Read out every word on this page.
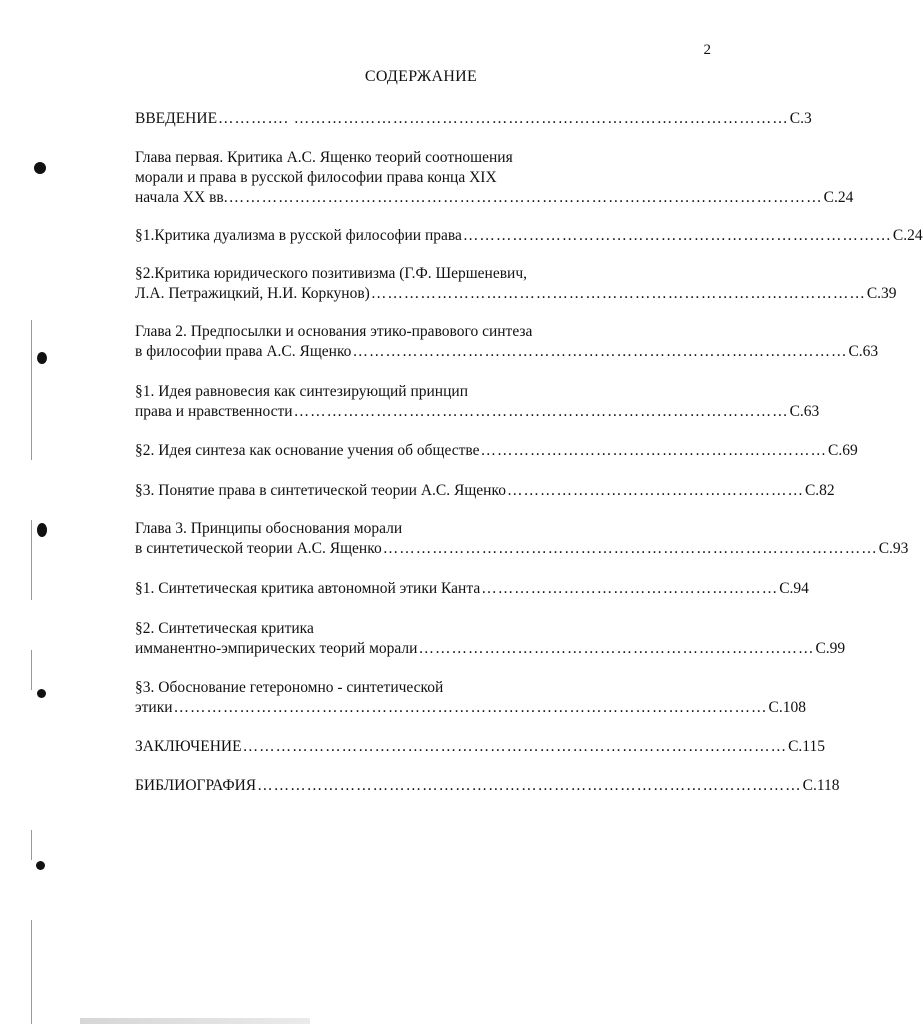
2
СОДЕРЖАНИЕ
ВВЕДЕНИЕ …………. ……………………………………………………………………………… С.3
Глава первая. Критика А.С. Ященко теорий соотношения
морали и права в русской философии права конца XIX
начала XX вв. ……………………………………………………………………………………………… С.24
§1.Критика дуализма в русской философии права …………………………………………………………………… С.24
§2.Критика юридического позитивизма (Г.Ф. Шершеневич,
Л.А. Петражицкий, Н.И. Коркунов) ……………………………………………………………………………… С.39
Глава 2. Предпосылки и основания этико-правового синтеза
в философии права А.С. Ященко ……………………………………………………………………………… С.63
§1. Идея равновесия как синтезирующий принцип
права и нравственности ……………………………………………………………………………… С.63
§2. Идея синтеза как основание учения об обществе ……………………………………………………… С.69
§3. Понятие права в синтетической теории А.С. Ященко ……………………………………………… С.82
Глава 3. Принципы обоснования морали
в синтетической теории А.С. Ященко ……………………………………………………………………………… С.93
§1. Синтетическая критика автономной этики Канта ……………………………………………… С.94
§2. Синтетическая критика
имманентно-эмпирических теорий морали ……………………………………………………………… С.99
§3. Обоснование гетерономно - синтетической
этики ……………………………………………………………………………………………… С.108
ЗАКЛЮЧЕНИЕ ……………………………………………………………………………………… С.115
БИБЛИОГРАФИЯ ……………………………………………………………………………………… С.118
